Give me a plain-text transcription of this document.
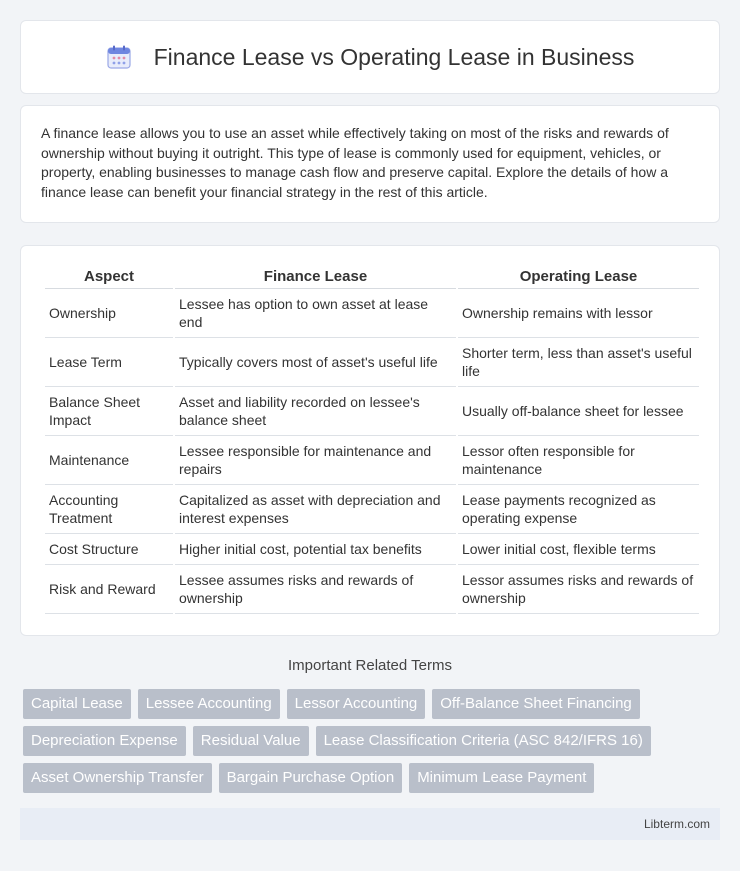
Finance Lease vs Operating Lease in Business

A finance lease allows you to use an asset while effectively taking on most of the risks and rewards of ownership without buying it outright. This type of lease is commonly used for equipment, vehicles, or property, enabling businesses to manage cash flow and preserve capital. Explore the details of how a finance lease can benefit your financial strategy in the rest of this article.

Aspect	Finance Lease	Operating Lease
Ownership	Lessee has option to own asset at lease end	Ownership remains with lessor
Lease Term	Typically covers most of asset's useful life	Shorter term, less than asset's useful life
Balance Sheet Impact	Asset and liability recorded on lessee's balance sheet	Usually off-balance sheet for lessee
Maintenance	Lessee responsible for maintenance and repairs	Lessor often responsible for maintenance
Accounting Treatment	Capitalized as asset with depreciation and interest expenses	Lease payments recognized as operating expense
Cost Structure	Higher initial cost, potential tax benefits	Lower initial cost, flexible terms
Risk and Reward	Lessee assumes risks and rewards of ownership	Lessor assumes risks and rewards of ownership
Important Related Terms
Capital Lease	Lessee Accounting	Lessor Accounting	Off-Balance Sheet Financing
Depreciation Expense	Residual Value	Lease Classification Criteria (ASC 842/IFRS 16)
Asset Ownership Transfer	Bargain Purchase Option	Minimum Lease Payment
Libterm.com
